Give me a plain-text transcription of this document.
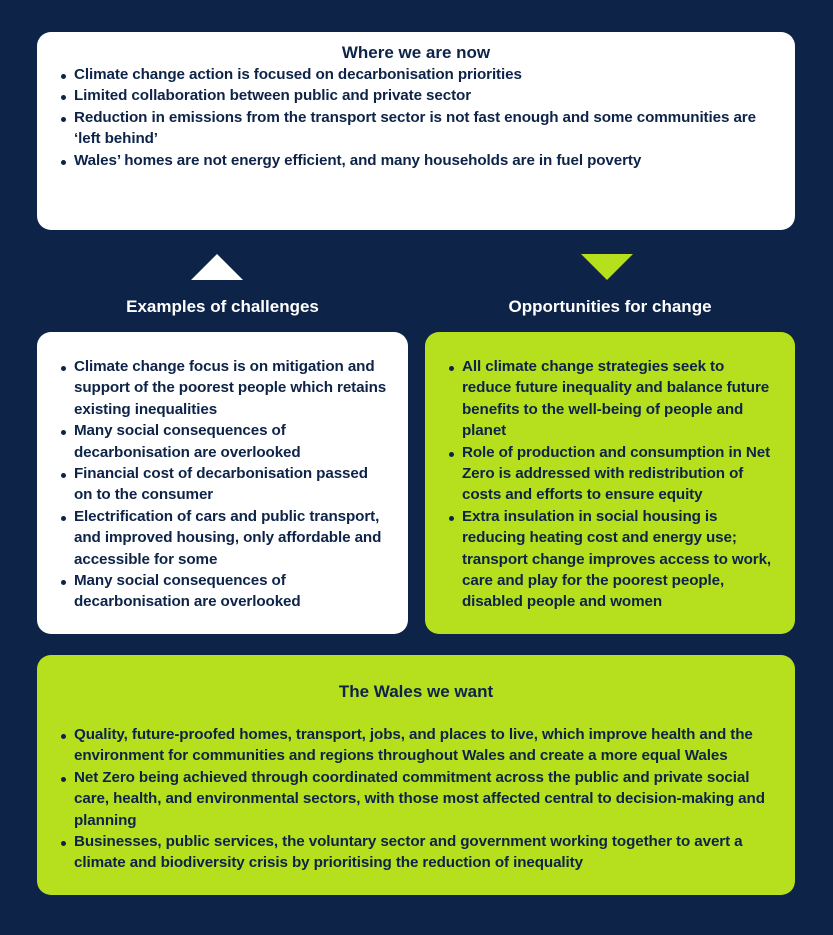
Where we are now
Climate change action is focused on decarbonisation priorities
Limited collaboration between public and private sector
Reduction in emissions from the transport sector is not fast enough and some communities are ‘left behind’
Wales’ homes are not energy efficient, and many households are in fuel poverty
Examples of challenges	Opportunities for change
Climate change focus is on mitigation and support of the poorest people which retains existing inequalities
Many social consequences of decarbonisation are overlooked
Financial cost of decarbonisation passed on to the consumer
Electrification of cars and public transport, and improved housing, only affordable and accessible for some
Many social consequences of decarbonisation are overlooked
All climate change strategies seek to reduce future inequality and balance future benefits to the well-being of people and planet
Role of production and consumption in Net Zero is addressed with redistribution of costs and efforts to ensure equity
Extra insulation in social housing is reducing heating cost and energy use; transport change improves access to work, care and play for the poorest people, disabled people and women
The Wales we want
Quality, future-proofed homes, transport, jobs, and places to live, which improve health and the environment for communities and regions throughout Wales and create a more equal Wales
Net Zero being achieved through coordinated commitment across the public and private social care, health, and environmental sectors, with those most affected central to decision-making and planning
Businesses, public services, the voluntary sector and government working together to avert a climate and biodiversity crisis by prioritising the reduction of inequality
